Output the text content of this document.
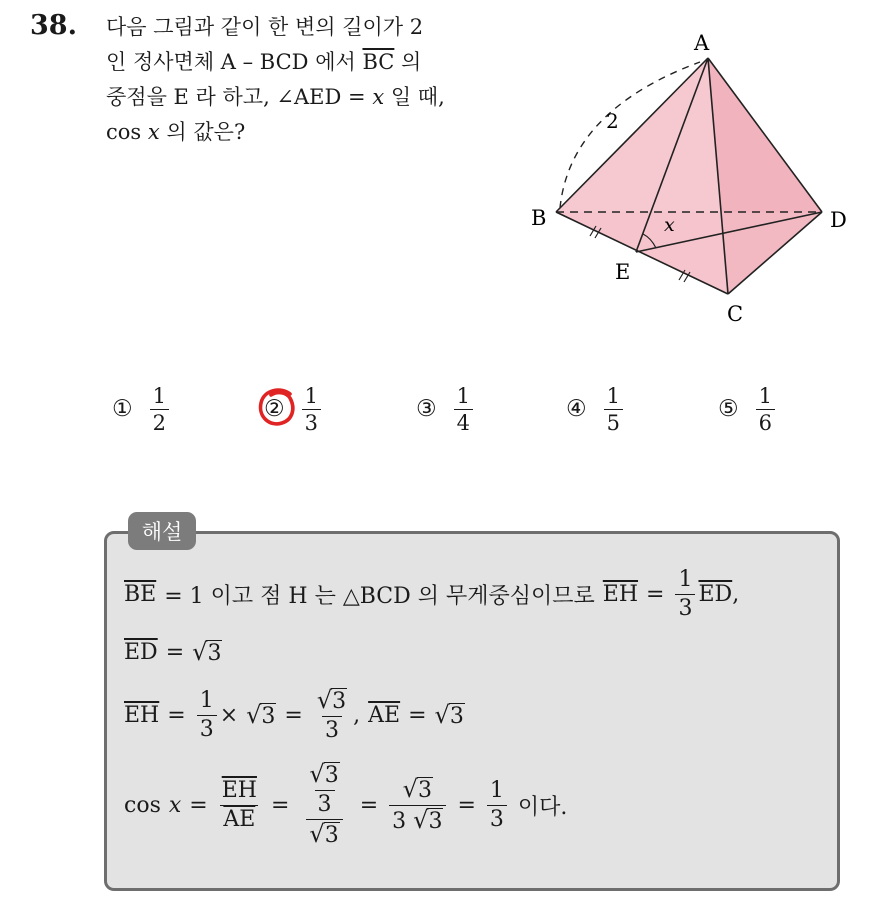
38. 다음 그림과 같이 한 변의 길이가 2
인 정사면체 A – BCD 에서 $\overline{BC}$ 의
중점을 E 라 하고, ∠AED = x 일 때,
cos x 의 값은?
A
B
C
D
E
2
x
① $\frac{1}{2}$	② $\frac{1}{3}$	③ $\frac{1}{4}$	④ $\frac{1}{5}$	⑤ $\frac{1}{6}$
해설
$\overline{BE} = 1$ 이고 점 H 는 △BCD 의 무게중심이므로 $\overline{EH} = \frac{1}{3} \overline{ED}$ ,
$\overline{ED}$ = √ 3
$\overline{EH} = \frac{1}{3}$ × √ $3 = \frac{√ 3}{3}$ , $\overline{AE}$ = √ 3
$\cos x = \frac{\overline{EH}}{AE} = \frac{\frac{√ 3}{3}}{√ 3} = \frac{√ 3}{3 √ 3} = \frac{1}{3}$ 이다.
